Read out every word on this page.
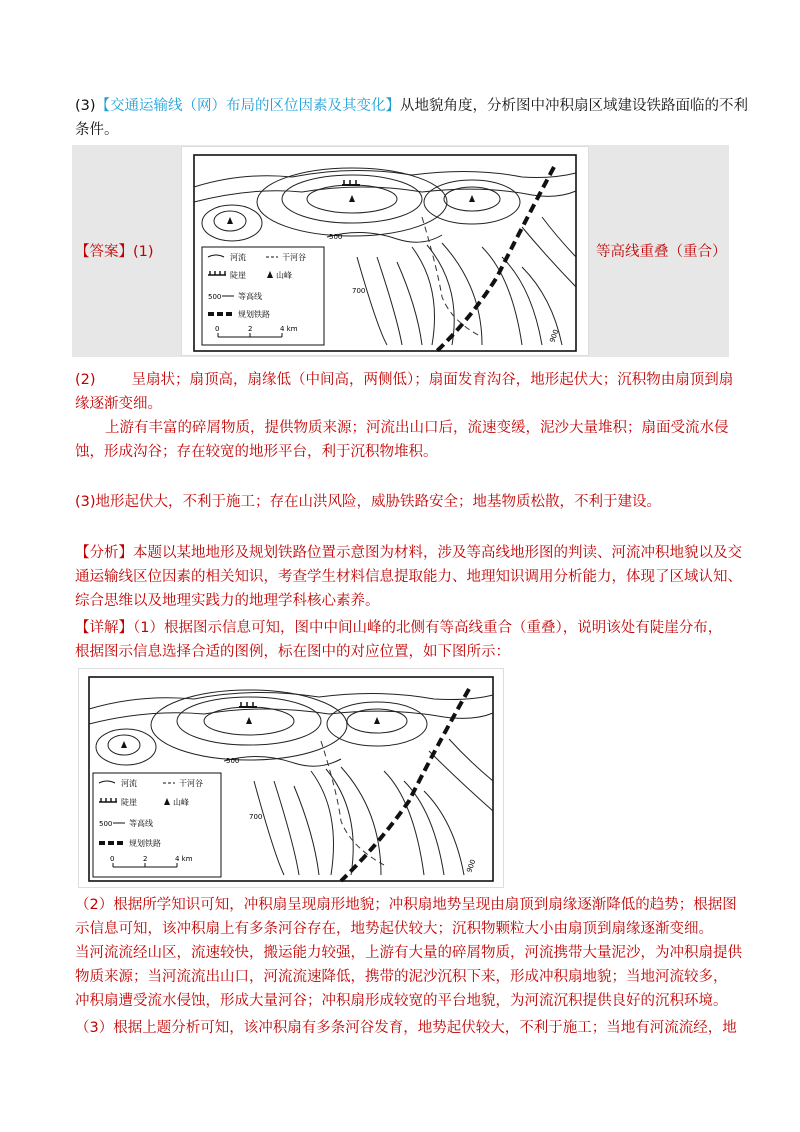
(3)【交通运输线（网）布局的区位因素及其变化】从地貌角度，分析图中冲积扇区域建设铁路面临的不利
条件。
【答案】(1)	等高线重叠（重合）
500
700
900
河流	干河谷
陡崖	山峰
500 等高线
规划铁路
0	2	4 km
(2) 呈扇状；扇顶高，扇缘低（中间高，两侧低）；扇面发育沟谷，地形起伏大；沉积物由扇顶到扇
缘逐渐变细。
上游有丰富的碎屑物质，提供物质来源；河流出山口后，流速变缓，泥沙大量堆积；扇面受流水侵
蚀，形成沟谷；存在较宽的地形平台，利于沉积物堆积。
(3)地形起伏大，不利于施工；存在山洪风险，威胁铁路安全；地基物质松散，不利于建设。
【分析】本题以某地地形及规划铁路位置示意图为材料，涉及等高线地形图的判读、河流冲积地貌以及交
通运输线区位因素的相关知识，考查学生材料信息提取能力、地理知识调用分析能力，体现了区域认知、
综合思维以及地理实践力的地理学科核心素养。
【详解】（1）根据图示信息可知，图中中间山峰的北侧有等高线重合（重叠），说明该处有陡崖分布，
根据图示信息选择合适的图例，标在图中的对应位置，如下图所示：
500
700
900
河流	干河谷
陡崖	山峰
500 等高线
规划铁路
0	2	4 km
（2）根据所学知识可知，冲积扇呈现扇形地貌；冲积扇地势呈现由扇顶到扇缘逐渐降低的趋势；根据图
示信息可知，该冲积扇上有多条河谷存在，地势起伏较大；沉积物颗粒大小由扇顶到扇缘逐渐变细。
当河流流经山区，流速较快，搬运能力较强，上游有大量的碎屑物质，河流携带大量泥沙，为冲积扇提供
物质来源；当河流流出山口，河流流速降低，携带的泥沙沉积下来，形成冲积扇地貌；当地河流较多，
冲积扇遭受流水侵蚀，形成大量河谷；冲积扇形成较宽的平台地貌，为河流沉积提供良好的沉积环境。
（3）根据上题分析可知，该冲积扇有多条河谷发育，地势起伏较大，不利于施工；当地有河流流经，地
